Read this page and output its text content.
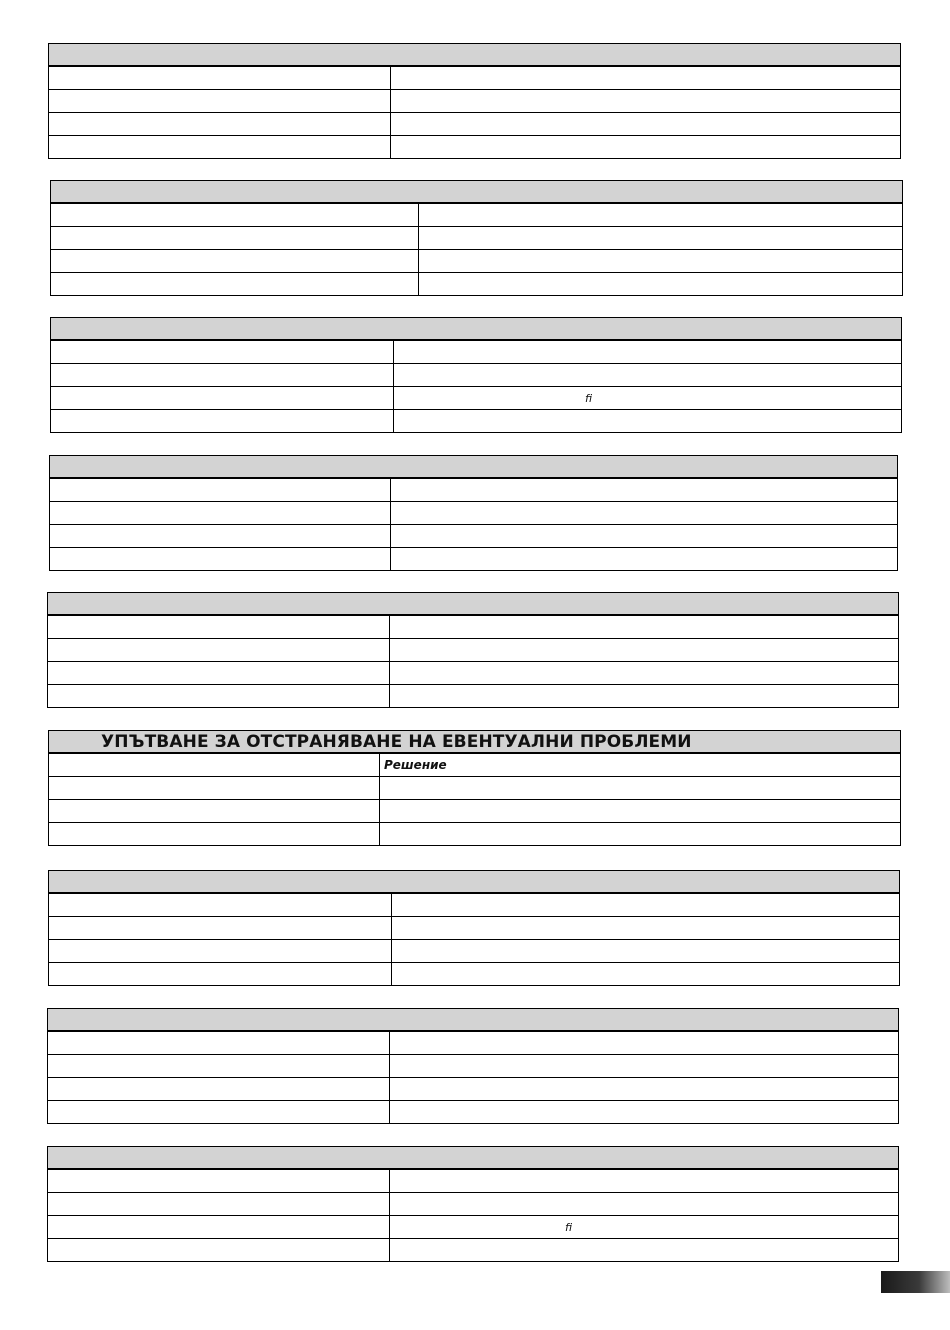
ﬁ
УПЪТВАНЕ ЗА ОТСТРАНЯВАНЕ НА ЕВЕНТУАЛНИ ПРОБЛЕМИ
Решение
ﬁ
